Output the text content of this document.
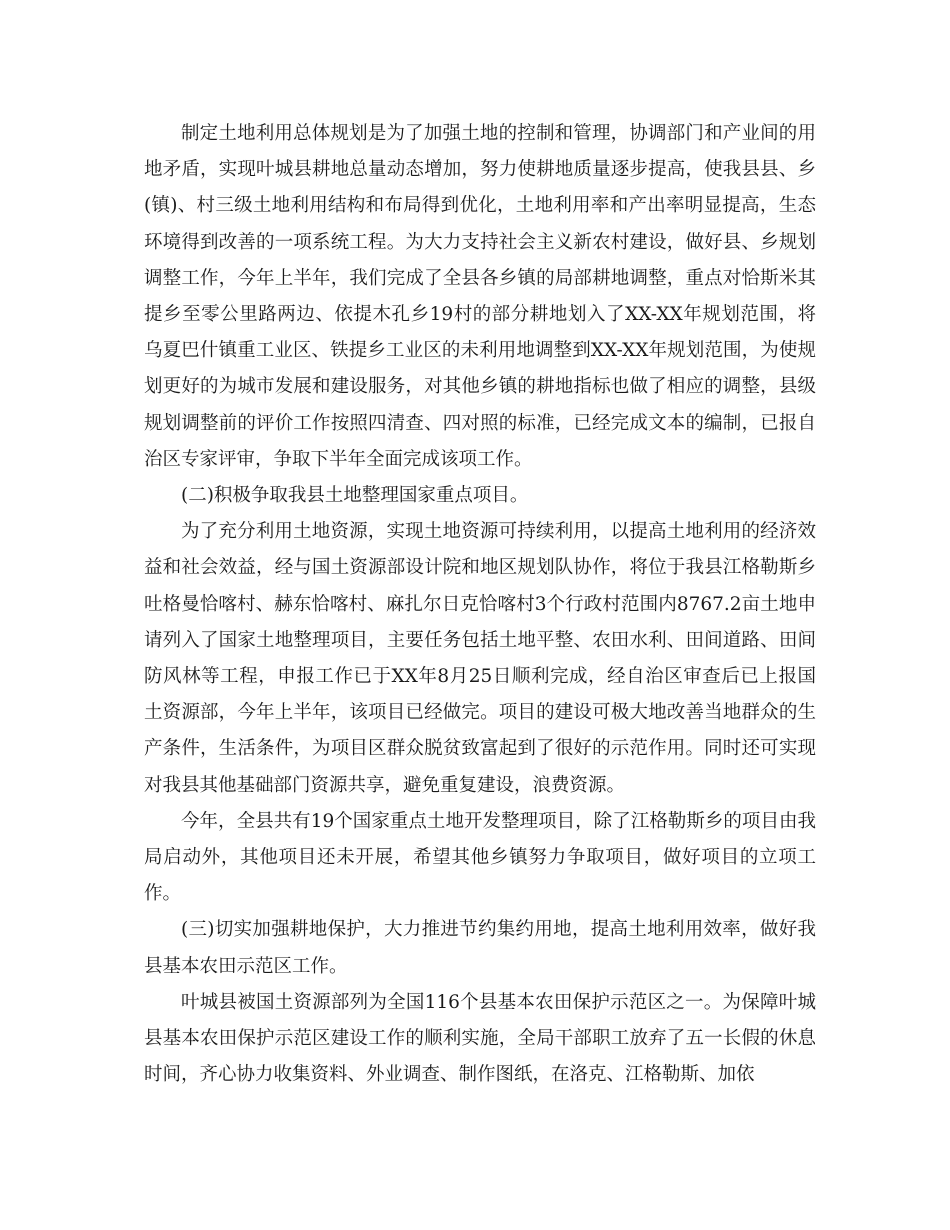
制定土地利用总体规划是为了加强土地的控制和管理，协调部门和产业间的用地矛盾，实现叶城县耕地总量动态增加，努力使耕地质量逐步提高，使我县县、乡(镇)、村三级土地利用结构和布局得到优化，土地利用率和产出率明显提高，生态环境得到改善的一项系统工程。为大力支持社会主义新农村建设，做好县、乡规划调整工作，今年上半年，我们完成了全县各乡镇的局部耕地调整，重点对恰斯米其提乡至零公里路两边、依提木孔乡19村的部分耕地划入了XX-XX年规划范围，将乌夏巴什镇重工业区、铁提乡工业区的未利用地调整到XX-XX年规划范围，为使规划更好的为城市发展和建设服务，对其他乡镇的耕地指标也做了相应的调整，县级规划调整前的评价工作按照四清查、四对照的标准，已经完成文本的编制，已报自治区专家评审，争取下半年全面完成该项工作。

(二)积极争取我县土地整理国家重点项目。

为了充分利用土地资源，实现土地资源可持续利用，以提高土地利用的经济效益和社会效益，经与国土资源部设计院和地区规划队协作，将位于我县江格勒斯乡吐格曼恰喀村、赫东恰喀村、麻扎尔日克恰喀村3个行政村范围内8767.2亩土地申请列入了国家土地整理项目，主要任务包括土地平整、农田水利、田间道路、田间防风林等工程，申报工作已于XX年8月25日顺利完成，经自治区审查后已上报国土资源部，今年上半年，该项目已经做完。项目的建设可极大地改善当地群众的生产条件，生活条件，为项目区群众脱贫致富起到了很好的示范作用。同时还可实现对我县其他基础部门资源共享，避免重复建设，浪费资源。

今年，全县共有19个国家重点土地开发整理项目，除了江格勒斯乡的项目由我局启动外，其他项目还未开展，希望其他乡镇努力争取项目，做好项目的立项工作。

(三)切实加强耕地保护，大力推进节约集约用地，提高土地利用效率，做好我县基本农田示范区工作。

叶城县被国土资源部列为全国116个县基本农田保护示范区之一。为保障叶城县基本农田保护示范区建设工作的顺利实施，全局干部职工放弃了五一长假的休息时间，齐心协力收集资料、外业调查、制作图纸，在洛克、江格勒斯、加依
